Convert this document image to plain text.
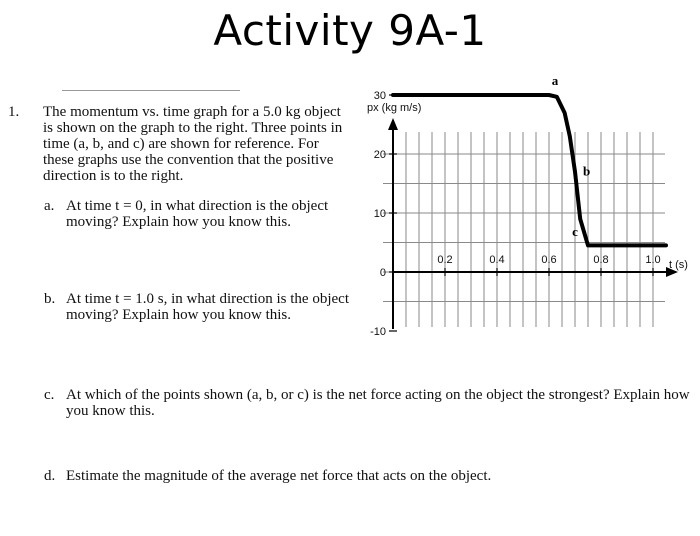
Activity 9A-1
1. The momentum vs. time graph for a 5.0 kg object is shown on the graph to the right. Three points in time (a, b, and c) are shown for reference. For these graphs use the convention that the positive direction is to the right.
a. At time t = 0, in what direction is the object moving? Explain how you know this.
b. At time t = 1.0 s, in what direction is the object moving? Explain how you know this.
c. At which of the points shown (a, b, or c) is the net force acting on the object the strongest? Explain how you know this.
d. Estimate the magnitude of the average net force that acts on the object.
-10
0
10
20
30
0.2	0.4	0.6	0.8	1.0
px (kg m/s)
t (s)
a
b
c
